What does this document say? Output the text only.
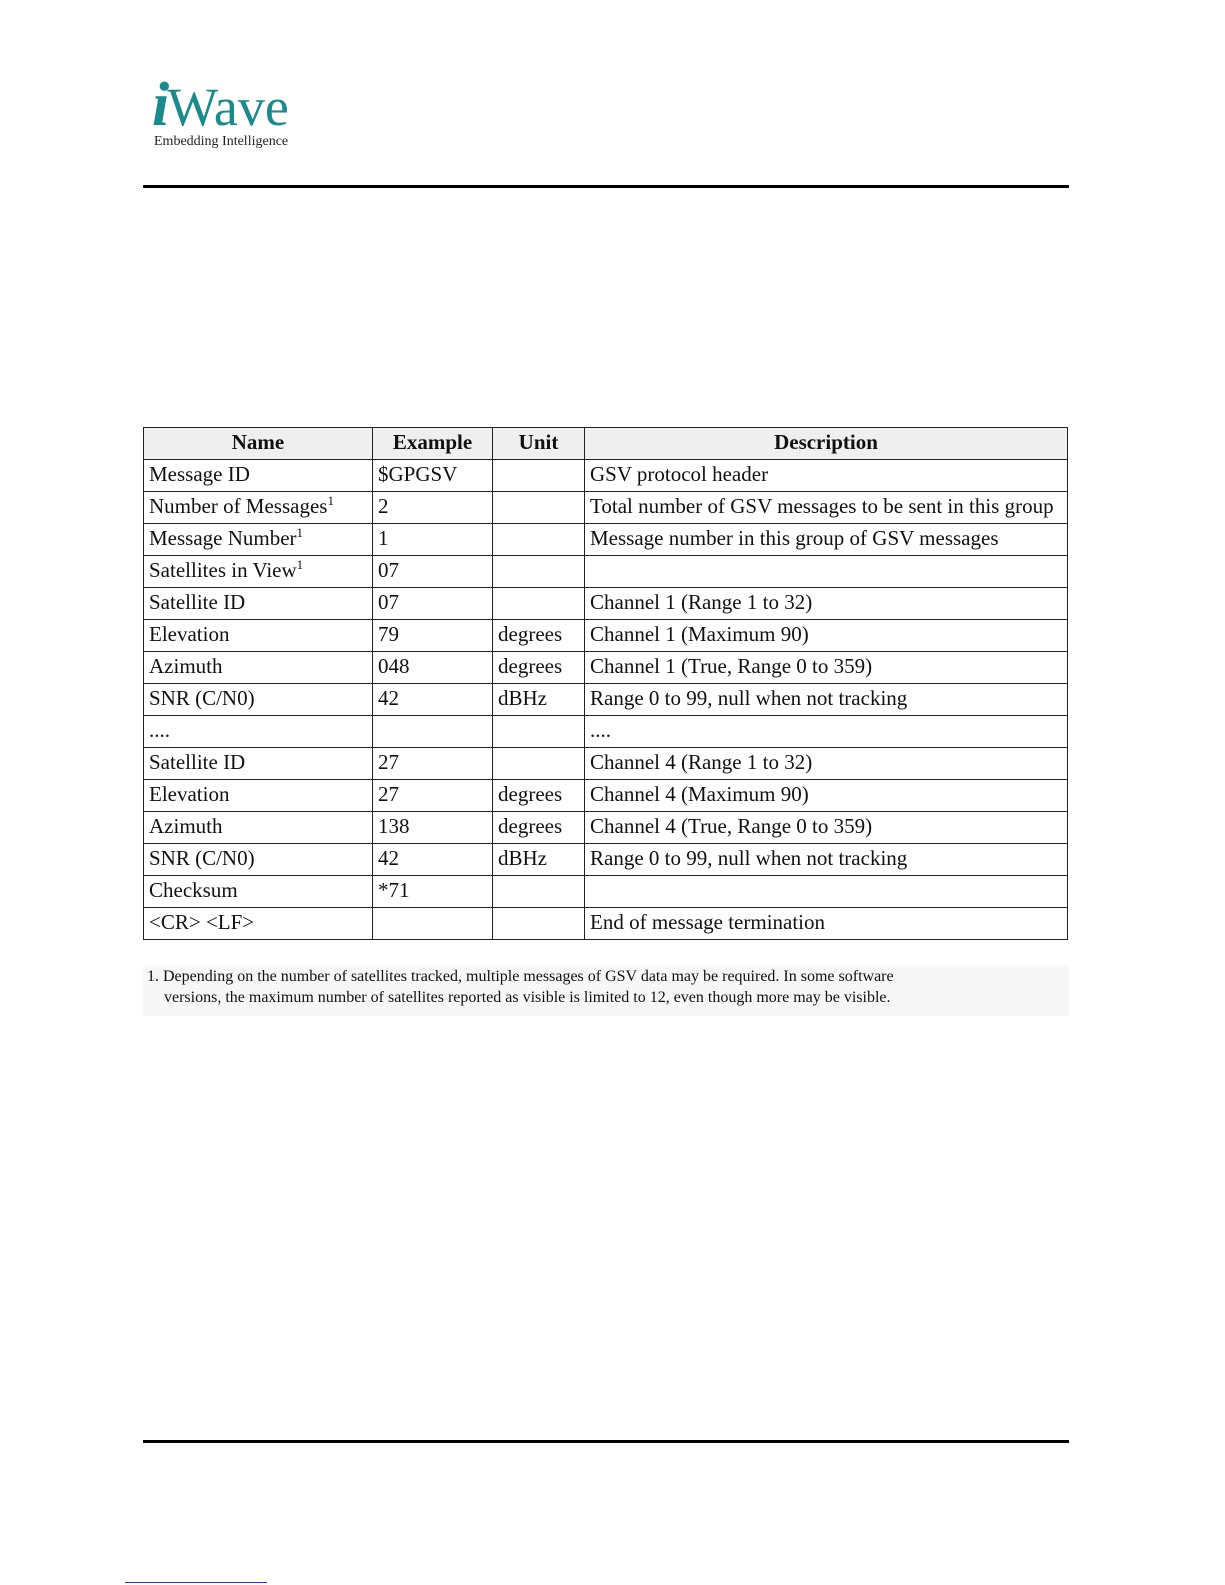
iWave
Embedding Intelligence
Name	Example	Unit	Description
Message ID	$GPGSV		GSV protocol header
Number of Messages$^1$	2		Total number of GSV messages to be sent in this group
Message Number$^1$	1		Message number in this group of GSV messages
Satellites in View$^1$	07		
Satellite ID	07		Channel 1 (Range 1 to 32)
Elevation	79	degrees	Channel 1 (Maximum 90)
Azimuth	048	degrees	Channel 1 (True, Range 0 to 359)
SNR (C/N0)	42	dBHz	Range 0 to 99, null when not tracking
....			....
Satellite ID	27		Channel 4 (Range 1 to 32)
Elevation	27	degrees	Channel 4 (Maximum 90)
Azimuth	138	degrees	Channel 4 (True, Range 0 to 359)
SNR (C/N0)	42	dBHz	Range 0 to 99, null when not tracking
Checksum	*71		
<CR> <LF>			End of message termination
1. Depending on the number of satellites tracked, multiple messages of GSV data may be required. In some software
versions, the maximum number of satellites reported as visible is limited to 12, even though more may be visible.
